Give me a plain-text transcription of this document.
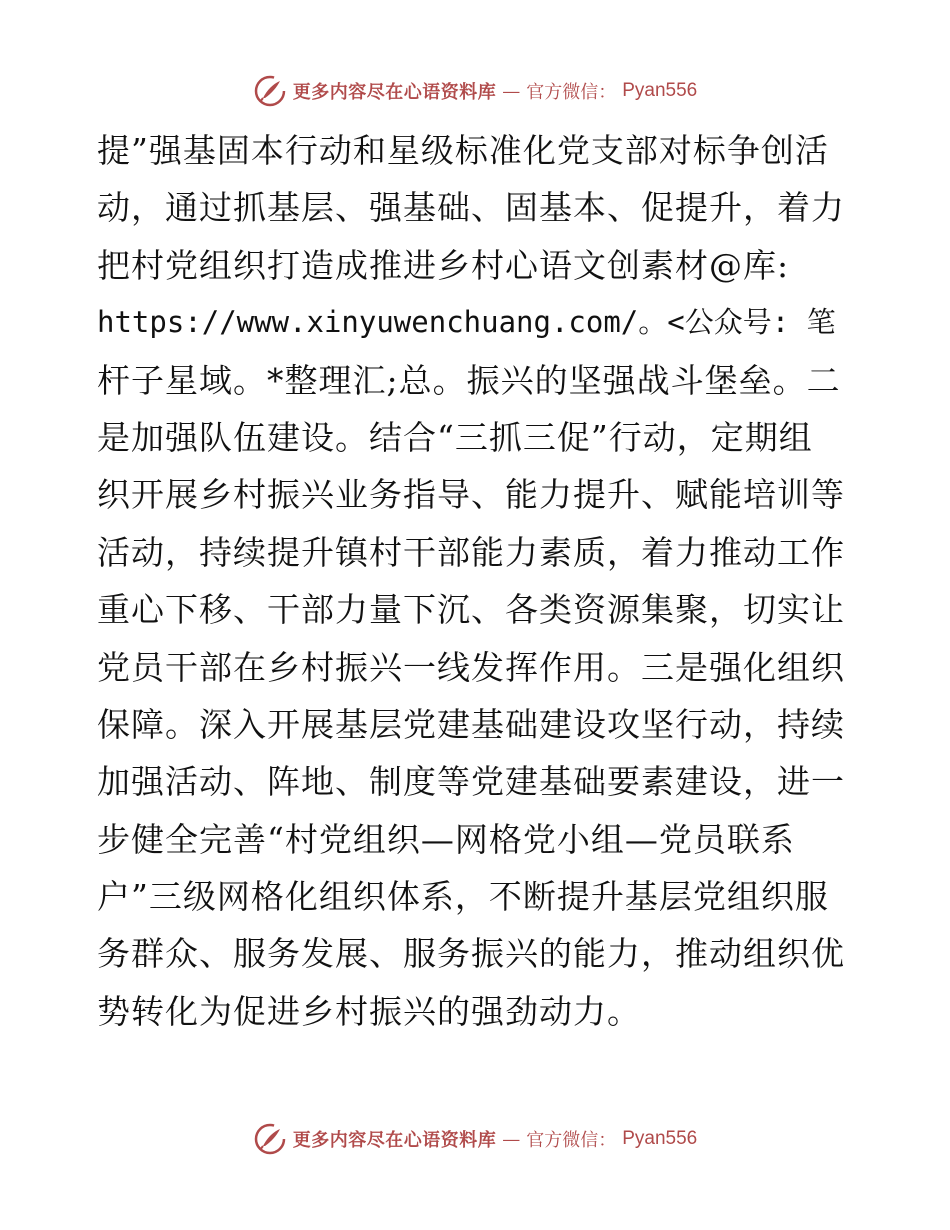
更多内容尽在心语资料库 — 官方微信： Pyan556
提”强基固本行动和星级标准化党支部对标争创活
动，通过抓基层、强基础、固基本、促提升，着力
把村党组织打造成推进乡村心语文创素材@库:
https://www.xinyuwenchuang.com/。<公众号: 笔
杆子星域。*整理汇;总。振兴的坚强战斗堡垒。二
是加强队伍建设。结合“三抓三促”行动，定期组
织开展乡村振兴业务指导、能力提升、赋能培训等
活动，持续提升镇村干部能力素质，着力推动工作
重心下移、干部力量下沉、各类资源集聚，切实让
党员干部在乡村振兴一线发挥作用。三是强化组织
保障。深入开展基层党建基础建设攻坚行动，持续
加强活动、阵地、制度等党建基础要素建设，进一
步健全完善“村党组织—网格党小组—党员联系
户”三级网格化组织体系，不断提升基层党组织服
务群众、服务发展、服务振兴的能力，推动组织优
势转化为促进乡村振兴的强劲动力。
更多内容尽在心语资料库 — 官方微信： Pyan556
